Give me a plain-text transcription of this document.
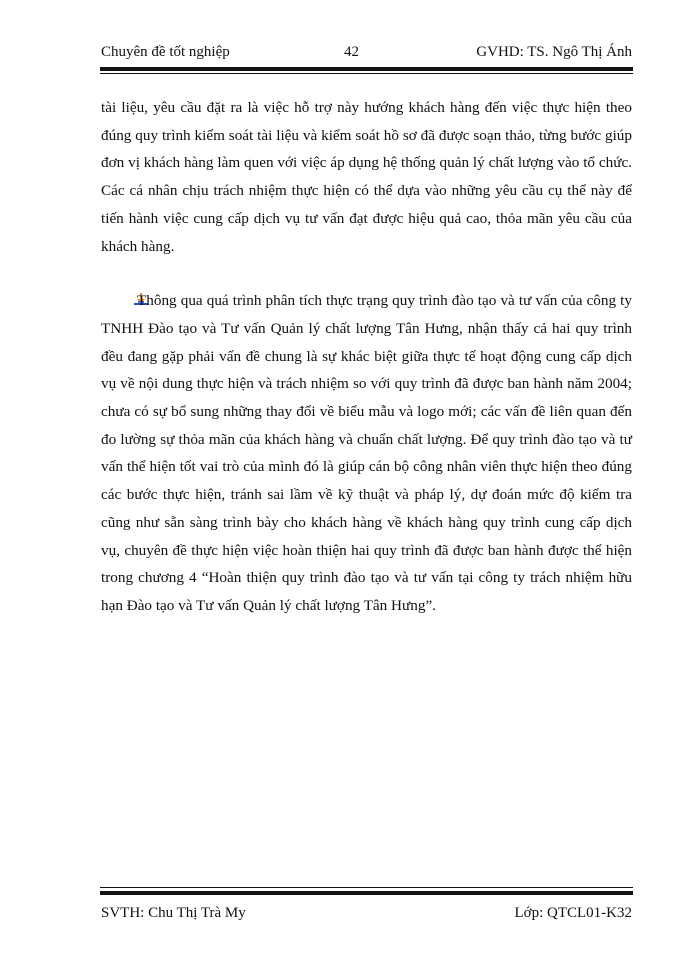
Chuyên đề tốt nghiệp	42	GVHD: TS. Ngô Thị Ánh

tài liệu, yêu cầu đặt ra là việc hỗ trợ này hướng khách hàng đến việc thực hiện theo đúng quy trình kiểm soát tài liệu và kiểm soát hồ sơ đã được soạn thảo, từng bước giúp đơn vị khách hàng làm quen với việc áp dụng hệ thống quản lý chất lượng vào tổ chức. Các cá nhân chịu trách nhiệm thực hiện có thể dựa vào những yêu cầu cụ thể này để tiến hành việc cung cấp dịch vụ tư vấn đạt được hiệu quả cao, thỏa mãn yêu cầu của khách hàng.

Thông qua quá trình phân tích thực trạng quy trình đào tạo và tư vấn của công ty TNHH Đào tạo và Tư vấn Quản lý chất lượng Tân Hưng, nhận thấy cả hai quy trình đều đang gặp phải vấn đề chung là sự khác biệt giữa thực tế hoạt động cung cấp dịch vụ về nội dung thực hiện và trách nhiệm so với quy trình đã được ban hành năm 2004; chưa có sự bổ sung những thay đổi về biểu mẫu và logo mới; các vấn đề liên quan đến đo lường sự thỏa mãn của khách hàng và chuẩn chất lượng. Để quy trình đào tạo và tư vấn thể hiện tốt vai trò của mình đó là giúp cán bộ công nhân viên thực hiện theo đúng các bước thực hiện, tránh sai lầm về kỹ thuật và pháp lý, dự đoán mức độ kiểm tra cũng như sẵn sàng trình bày cho khách hàng về khách hàng quy trình cung cấp dịch vụ, chuyên đề thực hiện việc hoàn thiện hai quy trình đã được ban hành được thể hiện trong chương 4 “Hoàn thiện quy trình đào tạo và tư vấn tại công ty trách nhiệm hữu hạn Đào tạo và Tư vấn Quản lý chất lượng Tân Hưng”.

SVTH: Chu Thị Trà My	Lớp: QTCL01-K32
